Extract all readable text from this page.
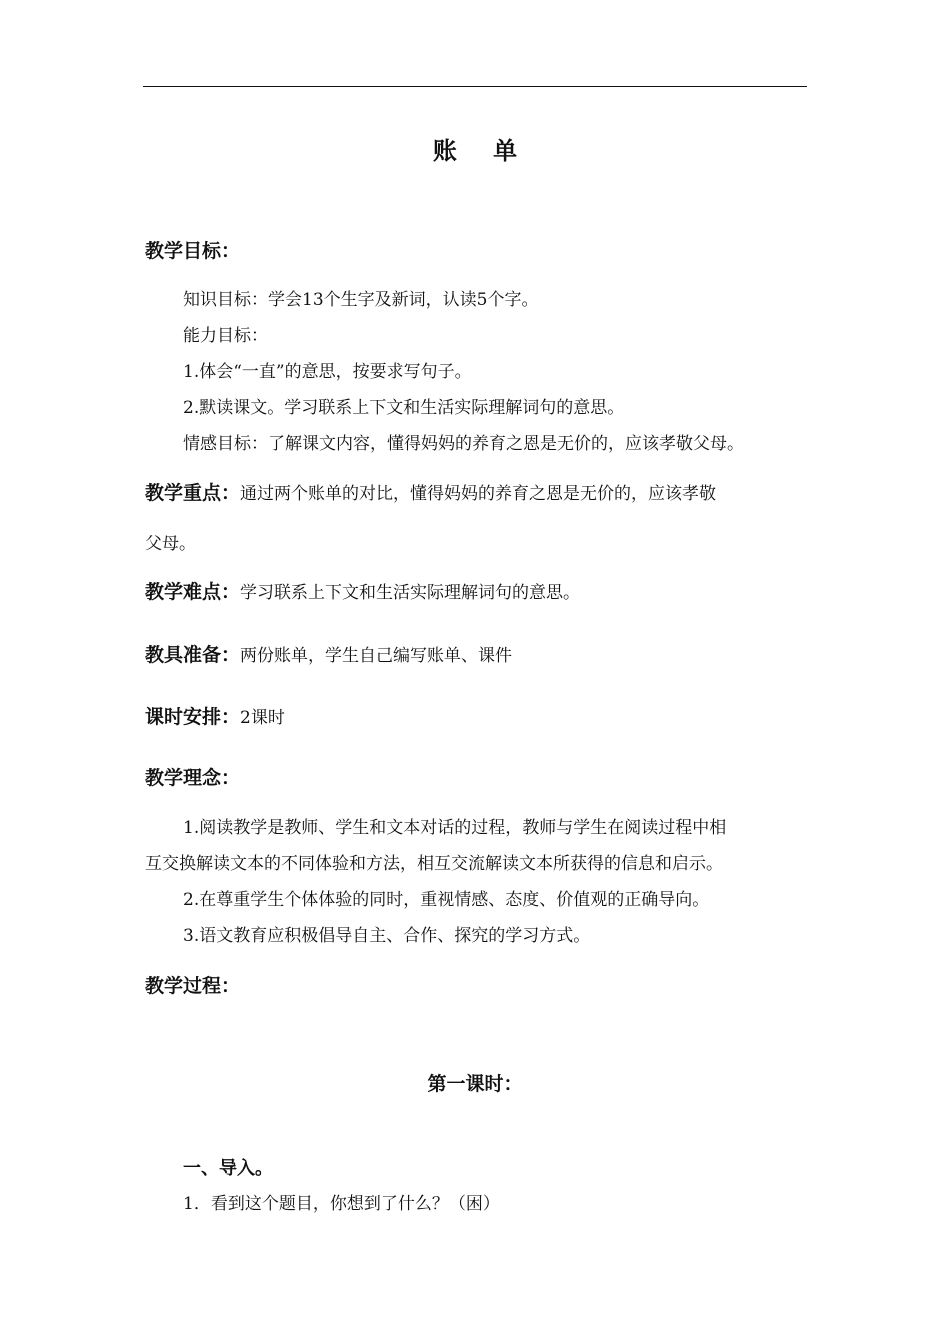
账 单
教学目标：
知识目标：学会13个生字及新词，认读5个字。
能力目标：
1.体会“一直”的意思，按要求写句子。
2.默读课文。学习联系上下文和生活实际理解词句的意思。
情感目标：了解课文内容，懂得妈妈的养育之恩是无价的，应该孝敬父母。
教学重点：通过两个账单的对比，懂得妈妈的养育之恩是无价的，应该孝敬
父母。
教学难点：学习联系上下文和生活实际理解词句的意思。
教具准备：两份账单，学生自己编写账单、课件
课时安排：2课时
教学理念：
1.阅读教学是教师、学生和文本对话的过程，教师与学生在阅读过程中相
互交换解读文本的不同体验和方法，相互交流解读文本所获得的信息和启示。
2.在尊重学生个体体验的同时，重视情感、态度、价值观的正确导向。
3.语文教育应积极倡导自主、合作、探究的学习方式。
教学过程：
第一课时：
一、导入。
1．看到这个题目，你想到了什么？（困）
